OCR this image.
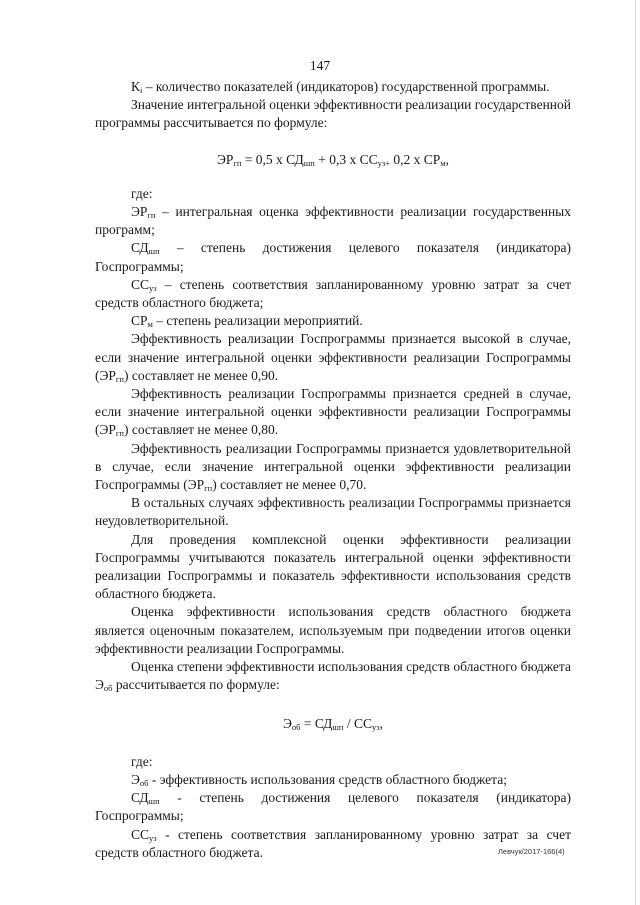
147

$К_i$ – количество показателей (индикаторов) государственной программы.

Значение интегральной оценки эффективности реализации государственной программы рассчитывается по формуле:

$ЭР_{гп} = 0,5$ х $СД_{шп} + 0,3$ х $СС_{уз+}$ 0,2 х $СР_м$,

где:

$ЭР_{гп}$ – интегральная оценка эффективности реализации государственных программ;

$СД_{шп}$ – степень достижения целевого показателя (индикатора) Госпрограммы;

$СС_{уз}$ – степень соответствия запланированному уровню затрат за счет средств областного бюджета;

$СР_м$ – степень реализации мероприятий.

Эффективность реализации Госпрограммы признается высокой в случае, если значение интегральной оценки эффективности реализации Госпрограммы $(ЭР_{гп})$ составляет не менее 0,90.

Эффективность реализации Госпрограммы признается средней в случае, если значение интегральной оценки эффективности реализации Госпрограммы $(ЭР_{гп})$ составляет не менее 0,80.

Эффективность реализации Госпрограммы признается удовлетворительной в случае, если значение интегральной оценки эффективности реализации Госпрограммы $(ЭР_{гп})$ составляет не менее 0,70.

В остальных случаях эффективность реализации Госпрограммы признается неудовлетворительной.

Для проведения комплексной оценки эффективности реализации Госпрограммы учитываются показатель интегральной оценки эффективности реализации Госпрограммы и показатель эффективности использования средств областного бюджета.

Оценка эффективности использования средств областного бюджета является оценочным показателем, используемым при подведении итогов оценки эффективности реализации Госпрограммы.

Оценка степени эффективности использования средств областного бюджета $Э_{об}$ рассчитывается по формуле:

$Э_{об} = СД_{шп} / СС_{уз}$,

где:

$Э_{об}$ - эффективность использования средств областного бюджета;

$СД_{шп}$ - степень достижения целевого показателя (индикатора) Госпрограммы;

$СС_{уз}$ - степень соответствия запланированному уровню затрат за счет средств областного бюджета.	Левчук/2017-166(4)
